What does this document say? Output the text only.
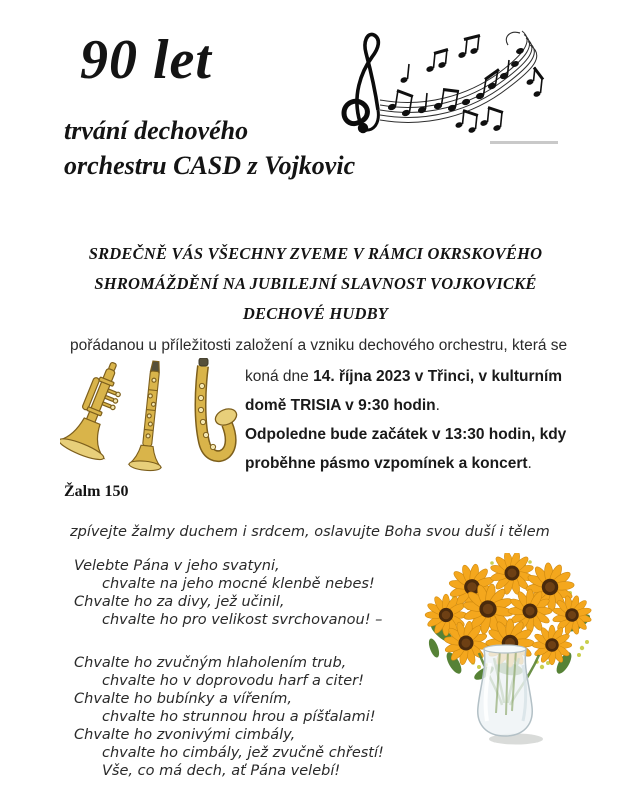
90 let
trvání dechového
orchestru CASD z Vojkovic
SRDEČNĚ VÁS VŠECHNY ZVEME V RÁMCI OKRSKOVÉHO
SHROMÁŽDĚNÍ NA JUBILEJNÍ SLAVNOST VOJKOVICKÉ
DECHOVÉ HUDBY
pořádanou u příležitosti založení a vzniku dechového orchestru, která se
koná dne 14. října 2023 v Třinci, v kulturním
domě TRISIA v 9:30 hodin.
Odpoledne bude začátek v 13:30 hodin, kdy
proběhne pásmo vzpomínek a koncert.
Žalm 150
zpívejte žalmy duchem i srdcem, oslavujte Boha svou duší i tělem
Velebte Pána v jeho svatyni,
chvalte na jeho mocné klenbě nebes!
Chvalte ho za divy, jež učinil,
chvalte ho pro velikost svrchovanou! –
Chvalte ho zvučným hlaholením trub,
chvalte ho v doprovodu harf a citer!
Chvalte ho bubínky a vířením,
chvalte ho strunnou hrou a píšťalami!
Chvalte ho zvonivými cimbály,
chvalte ho cimbály, jež zvučně chřestí!
Vše, co má dech, ať Pána velebí!
